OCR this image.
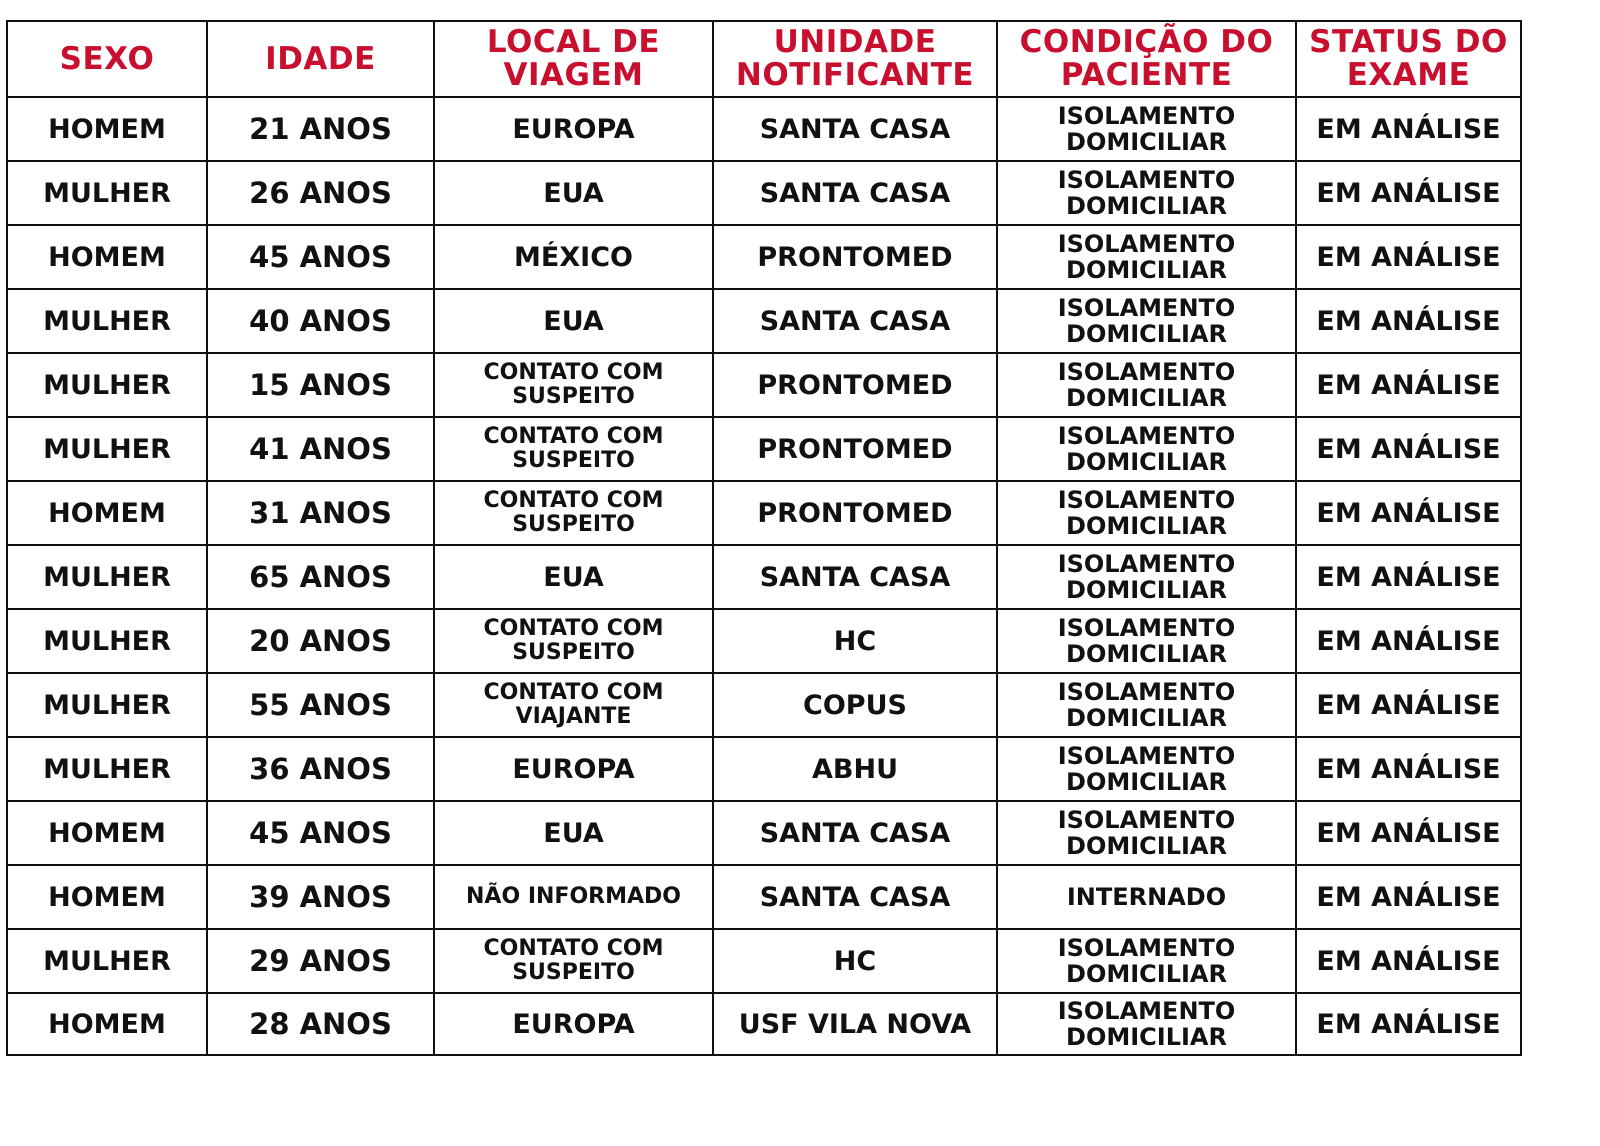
SEXO	IDADE	LOCAL DE VIAGEM	UNIDADE NOTIFICANTE	CONDIÇÃO DO PACIENTE	STATUS DO EXAME
HOMEM	21 ANOS	EUROPA	SANTA CASA	ISOLAMENTO DOMICILIAR	EM ANÁLISE
MULHER	26 ANOS	EUA	SANTA CASA	ISOLAMENTO DOMICILIAR	EM ANÁLISE
HOMEM	45 ANOS	MÉXICO	PRONTOMED	ISOLAMENTO DOMICILIAR	EM ANÁLISE
MULHER	40 ANOS	EUA	SANTA CASA	ISOLAMENTO DOMICILIAR	EM ANÁLISE
MULHER	15 ANOS	CONTATO COM SUSPEITO	PRONTOMED	ISOLAMENTO DOMICILIAR	EM ANÁLISE
MULHER	41 ANOS	CONTATO COM SUSPEITO	PRONTOMED	ISOLAMENTO DOMICILIAR	EM ANÁLISE
HOMEM	31 ANOS	CONTATO COM SUSPEITO	PRONTOMED	ISOLAMENTO DOMICILIAR	EM ANÁLISE
MULHER	65 ANOS	EUA	SANTA CASA	ISOLAMENTO DOMICILIAR	EM ANÁLISE
MULHER	20 ANOS	CONTATO COM SUSPEITO	HC	ISOLAMENTO DOMICILIAR	EM ANÁLISE
MULHER	55 ANOS	CONTATO COM VIAJANTE	COPUS	ISOLAMENTO DOMICILIAR	EM ANÁLISE
MULHER	36 ANOS	EUROPA	ABHU	ISOLAMENTO DOMICILIAR	EM ANÁLISE
HOMEM	45 ANOS	EUA	SANTA CASA	ISOLAMENTO DOMICILIAR	EM ANÁLISE
HOMEM	39 ANOS	NÃO INFORMADO	SANTA CASA	INTERNADO	EM ANÁLISE
MULHER	29 ANOS	CONTATO COM SUSPEITO	HC	ISOLAMENTO DOMICILIAR	EM ANÁLISE
HOMEM	28 ANOS	EUROPA	USF VILA NOVA	ISOLAMENTO DOMICILIAR	EM ANÁLISE
